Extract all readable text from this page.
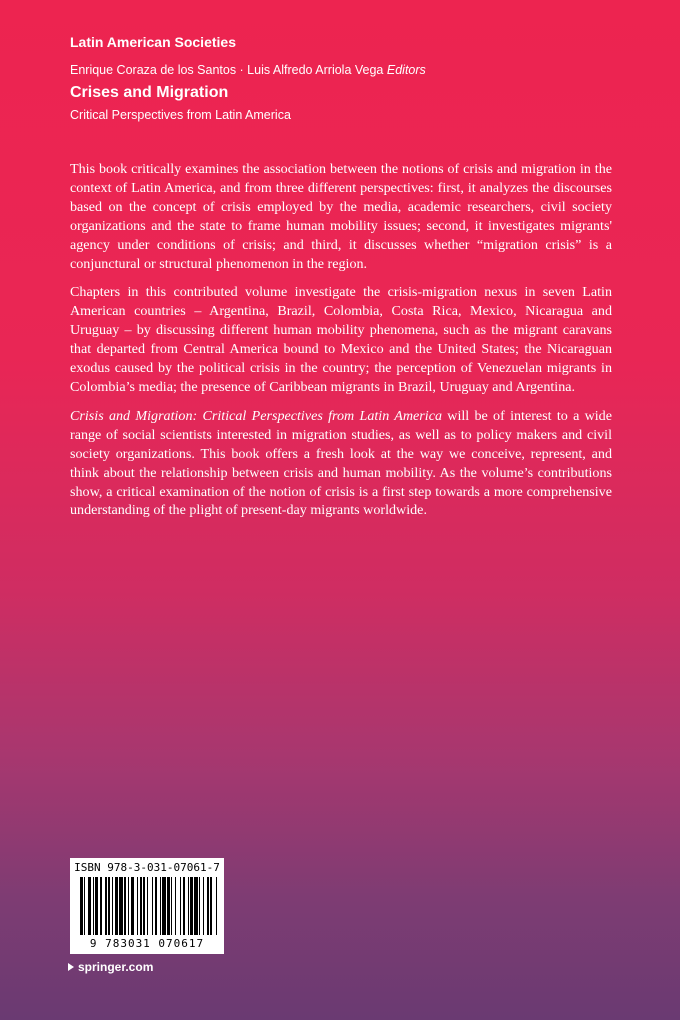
Latin American Societies
Enrique Coraza de los Santos · Luis Alfredo Arriola Vega Editors
Crises and Migration
Critical Perspectives from Latin America

This book critically examines the association between the notions of crisis and migration in the context of Latin America, and from three different perspectives: first, it analyzes the discourses based on the concept of crisis employed by the media, academic researchers, civil society organizations and the state to frame human mobility issues; second, it investigates migrants' agency under conditions of crisis; and third, it discusses whether “migration crisis” is a conjunctural or structural phenomenon in the region.

Chapters in this contributed volume investigate the crisis-migration nexus in seven Latin American countries – Argentina, Brazil, Colombia, Costa Rica, Mexico, Nicaragua and Uruguay – by discussing different human mobility phenomena, such as the migrant caravans that departed from Central America bound to Mexico and the United States; the Nicaraguan exodus caused by the political crisis in the country; the perception of Venezuelan migrants in Colombia’s media; the presence of Caribbean migrants in Brazil, Uruguay and Argentina.

Crisis and Migration: Critical Perspectives from Latin America will be of interest to a wide range of social scientists interested in migration studies, as well as to policy makers and civil society organizations. This book offers a fresh look at the way we conceive, represent, and think about the relationship between crisis and human mobility. As the volume’s contributions show, a critical examination of the notion of crisis is a first step towards a more comprehensive understanding of the plight of present-day migrants worldwide.

ISBN 978-3-031-07061-7
9 783031 070617
springer.com
